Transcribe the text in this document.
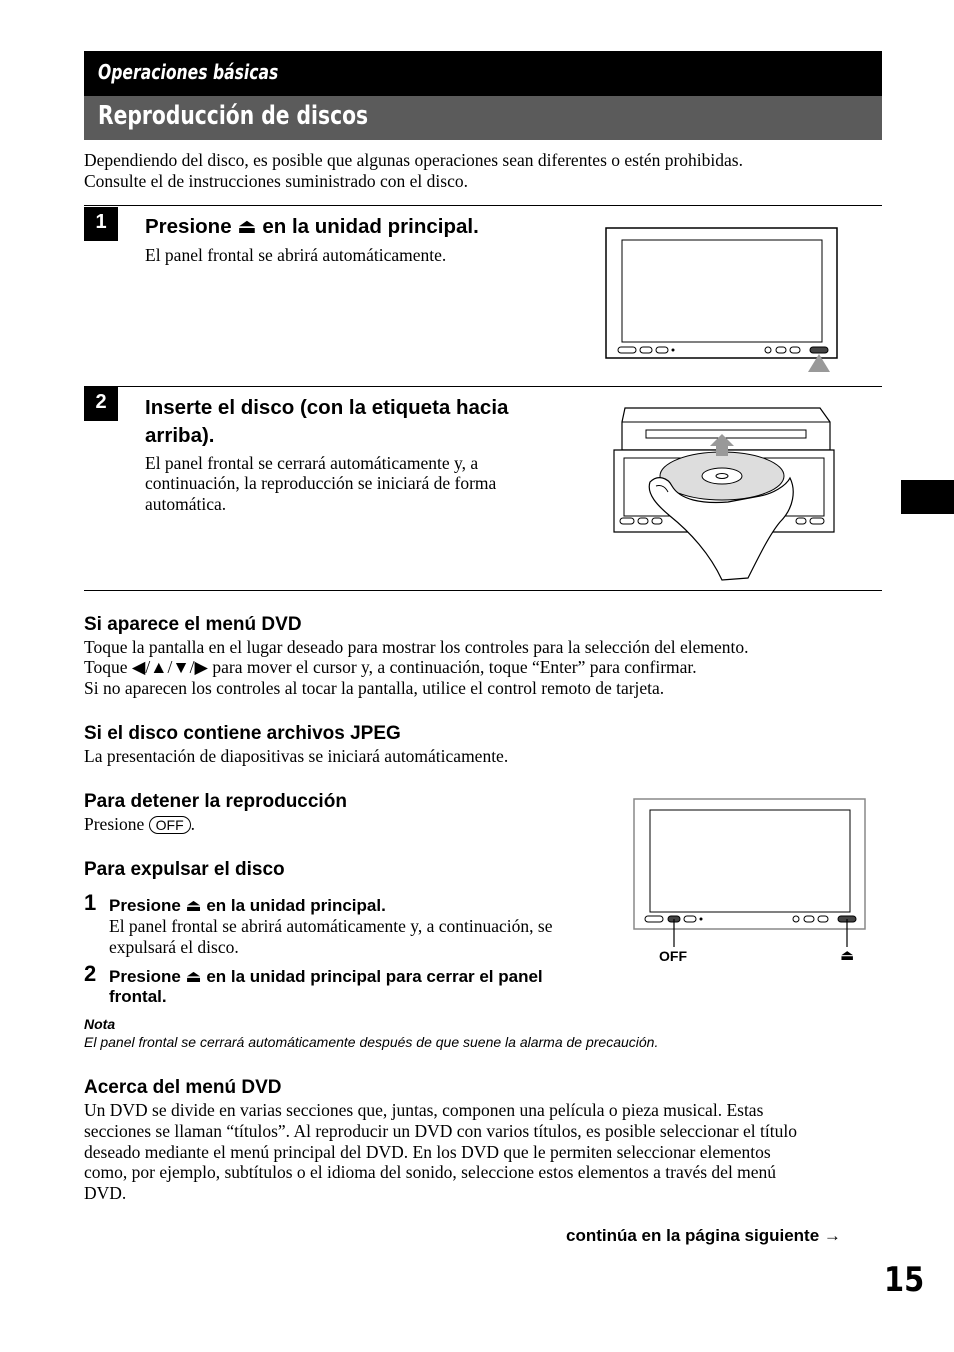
Operaciones básicas
Reproducción de discos
Dependiendo del disco, es posible que algunas operaciones sean diferentes o estén prohibidas.
Consulte el de instrucciones suministrado con el disco.
1	Presione ⏏ en la unidad principal.
El panel frontal se abrirá automáticamente.
2	Inserte el disco (con la etiqueta hacia
arriba).
El panel frontal se cerrará automáticamente y, a
continuación, la reproducción se iniciará de forma
automática.
Si aparece el menú DVD
Toque la pantalla en el lugar deseado para mostrar los controles para la selección del elemento.
Toque ◀/▲/▼/▶ para mover el cursor y, a continuación, toque “Enter” para confirmar.
Si no aparecen los controles al tocar la pantalla, utilice el control remoto de tarjeta.
Si el disco contiene archivos JPEG
La presentación de diapositivas se iniciará automáticamente.
Para detener la reproducción
Presione OFF .
Para expulsar el disco
1 Presione ⏏ en la unidad principal.
El panel frontal se abrirá automáticamente y, a continuación, se
expulsará el disco.
2 Presione ⏏ en la unidad principal para cerrar el panel
frontal.
OFF	⏏
Nota
El panel frontal se cerrará automáticamente después de que suene la alarma de precaución.
Acerca del menú DVD
Un DVD se divide en varias secciones que, juntas, componen una película o pieza musical. Estas
secciones se llaman “títulos”. Al reproducir un DVD con varios títulos, es posible seleccionar el título
deseado mediante el menú principal del DVD. En los DVD que le permiten seleccionar elementos
como, por ejemplo, subtítulos o el idioma del sonido, seleccione estos elementos a través del menú
DVD.
continúa en la página siguiente →
15
